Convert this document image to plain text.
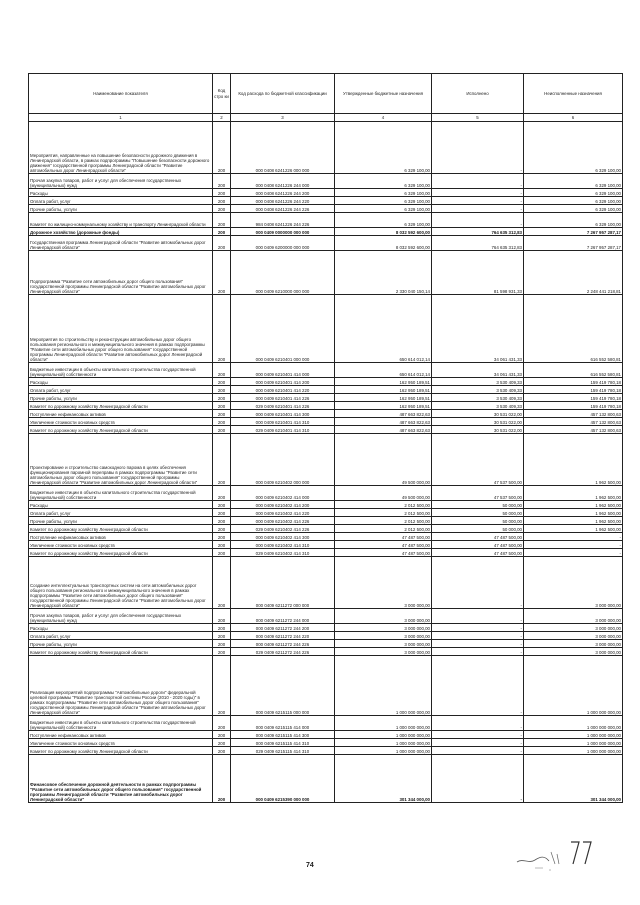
Наименование показателя	Код стро ки	Код расхода по бюджетной классификации	Утвержденные бюджетные назначения	Исполнено	Неисполненные назначения
1	2	3	4	5	6
Мероприятия, направленные на повышение безопасности дорожного движения в Ленинградской области, в рамках подпрограммы "Повышение безопасности дорожного движения" государственной программы Ленинградской области "Развитие автомобильных дорог Ленинградской области"	200	000 0408 6241226 000 000	6 329 100,00	-	6 329 100,00
Прочая закупка товаров, работ и услуг для обеспечения государственных (муниципальных) нужд	200	000 0408 6241226 244 000	6 329 100,00	-	6 329 100,00
Расходы	200	000 0408 6241226 244 200	6 329 100,00	-	6 329 100,00
Оплата работ, услуг	200	000 0408 6241226 244 220	6 329 100,00	-	6 329 100,00
Прочие работы, услуги	200	000 0408 6241226 244 226	6 329 100,00	-	6 329 100,00
Комитет по жилищно-коммунальному хозяйству и транспорту Ленинградской области	200	984 0408 6241226 244 226	6 329 100,00	-	6 329 100,00
Дорожное хозяйство (дорожные фонды)	200	000 0409 0000000 000 000	8 032 592 600,00	764 635 312,83	7 267 957 287,17
Государственная программа Ленинградской области "Развитие автомобильных дорог Ленинградской области"	200	000 0409 6200000 000 000	8 032 592 600,00	764 635 312,83	7 267 957 287,17
Подпрограмма "Развитие сети автомобильных дорог общего пользования" государственной программы Ленинградской области "Развитие автомобильных дорог Ленинградской области"	200	000 0409 6210000 000 000	2 330 040 150,14	81 598 931,33	2 248 441 218,81
Мероприятия по строительству и реконструкции автомобильных дорог общего пользования регионального и межмуниципального значения в рамках подпрограммы "Развитие сети автомобильных дорог общего пользования" государственной программы Ленинградской области "Развитие автомобильных дорог Ленинградской области"	200	000 0409 6210401 000 000	650 614 012,14	34 061 431,33	616 552 580,81
Бюджетные инвестиции в объекты капитального строительства государственной (муниципальной) собственности	200	000 0409 6210401 414 000	650 614 012,14	34 061 431,33	616 552 580,81
Расходы	200	000 0409 6210401 414 200	162 950 189,51	3 530 409,33	159 419 780,18
Оплата работ, услуг	200	000 0409 6210401 414 220	162 950 189,51	3 530 409,33	159 419 780,18
Прочие работы, услуги	200	000 0409 6210401 414 226	162 950 189,51	3 530 409,33	159 419 780,18
Комитет по дорожному хозяйству Ленинградской области	200	029 0409 6210401 414 226	162 950 189,51	3 530 409,33	159 419 780,18
Поступление нефинансовых активов	200	000 0409 6210401 414 300	487 663 822,63	30 531 022,00	457 132 800,63
Увеличение стоимости основных средств	200	000 0409 6210401 414 310	487 663 822,63	30 531 022,00	457 132 800,63
Комитет по дорожному хозяйству Ленинградской области	200	029 0409 6210401 414 310	487 663 822,63	30 531 022,00	457 132 800,63
Проектирование и строительство самоходного парома в целях обеспечения функционирования паромной переправы в рамках подпрограммы "Развитие сети автомобильных дорог общего пользования" государственной программы Ленинградской области "Развитие автомобильных дорог Ленинградской области"	200	000 0409 6210402 000 000	49 500 000,00	47 537 500,00	1 962 500,00
Бюджетные инвестиции в объекты капитального строительства государственной (муниципальной) собственности	200	000 0409 6210402 414 000	49 500 000,00	47 537 500,00	1 962 500,00
Расходы	200	000 0409 6210402 414 200	2 012 500,00	50 000,00	1 962 500,00
Оплата работ, услуг	200	000 0409 6210402 414 220	2 012 500,00	50 000,00	1 962 500,00
Прочие работы, услуги	200	000 0409 6210402 414 226	2 012 500,00	50 000,00	1 962 500,00
Комитет по дорожному хозяйству Ленинградской области	200	029 0409 6210402 414 226	2 012 500,00	50 000,00	1 962 500,00
Поступление нефинансовых активов	200	000 0409 6210402 414 300	47 487 500,00	47 487 500,00	-
Увеличение стоимости основных средств	200	000 0409 6210402 414 310	47 487 500,00	47 487 500,00	-
Комитет по дорожному хозяйству Ленинградской области	200	029 0409 6210402 414 310	47 487 500,00	47 487 500,00	-
Создание интеллектуальных транспортных систем на сети автомобильных дорог общего пользования регионального и межмуниципального значения в рамках подпрограммы "Развитие сети автомобильных дорог общего пользования" государственной программы Ленинградской области "Развитие автомобильных дорог Ленинградской области"	200	000 0409 6211272 000 000	3 000 000,00	-	3 000 000,00
Прочая закупка товаров, работ и услуг для обеспечения государственных (муниципальных) нужд	200	000 0409 6211272 244 000	3 000 000,00	-	3 000 000,00
Расходы	200	000 0409 6211272 244 200	3 000 000,00	-	3 000 000,00
Оплата работ, услуг	200	000 0409 6211272 244 220	3 000 000,00	-	3 000 000,00
Прочие работы, услуги	200	000 0409 6211272 244 226	3 000 000,00	-	3 000 000,00
Комитет по дорожному хозяйству Ленинградской области	200	029 0409 6211272 244 226	3 000 000,00	-	3 000 000,00
Реализация мероприятий подпрограммы "Автомобильные дороги" федеральной целевой программы "Развитие транспортной системы России (2010 - 2020 годы)" в рамках подпрограммы "Развитие сети автомобильных дорог общего пользования" государственной программы Ленинградской области "Развитие автомобильных дорог Ленинградской области"	200	000 0409 6215115 000 000	1 000 000 000,00	-	1 000 000 000,00
Бюджетные инвестиции в объекты капитального строительства государственной (муниципальной) собственности	200	000 0409 6215115 414 000	1 000 000 000,00	-	1 000 000 000,00
Поступление нефинансовых активов	200	000 0409 6215115 414 300	1 000 000 000,00	-	1 000 000 000,00
Увеличение стоимости основных средств	200	000 0409 6215115 414 310	1 000 000 000,00	-	1 000 000 000,00
Комитет по дорожному хозяйству Ленинградской области	200	029 0409 6215115 414 310	1 000 000 000,00	-	1 000 000 000,00
Финансовое обеспечение дорожной деятельности в рамках подпрограммы "Развитие сети автомобильных дорог общего пользования" государственной программы Ленинградской области "Развитие автомобильных дорог Ленинградской области"	200	000 0409 6215390 000 000	301 344 000,00	-	301 344 000,00
74
